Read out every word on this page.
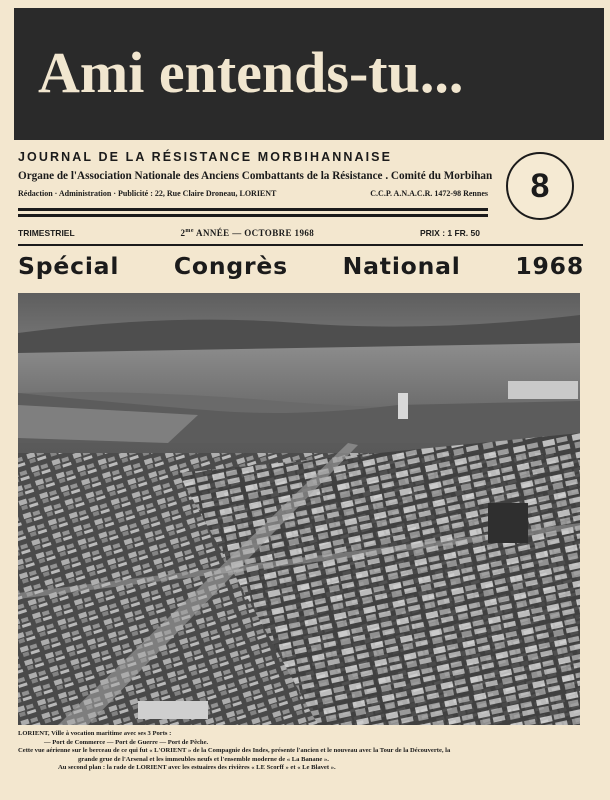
Ami entends-tu...
JOURNAL DE LA RÉSISTANCE MORBIHANNAISE
Organe de l'Association Nationale des Anciens Combattants de la Résistance . Comité du Morbihan
Rédaction · Administration · Publicité : 22, Rue Claire Droneau, LORIENT	C.C.P. A.N.A.C.R. 1472-98 Rennes 8
TRIMESTRIEL	$2^{me}$ ANNÉE — OCTOBRE 1968	PRIX : 1 FR. 50
Spécial Congrès National 1968

LORIENT, Ville à vocation maritime avec ses 3 Ports :

— Port de Commerce — Port de Guerre — Port de Pêche.

Cette vue aérienne sur le berceau de ce qui fut « L'ORIENT » de la Compagnie des Indes, présente l'ancien et le nouveau avec la Tour de la Découverte, la

grande grue de l'Arsenal et les immeubles neufs et l'ensemble moderne de « La Banane ».

Au second plan : la rade de LORIENT avec les estuaires des rivières « LE Scorff » et « Le Blavet ».
